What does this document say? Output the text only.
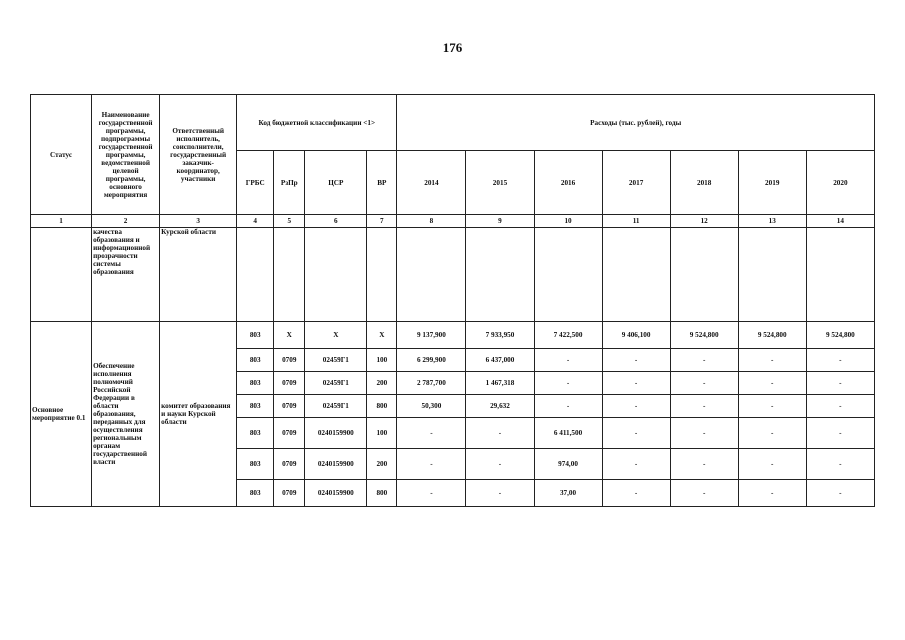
176
Статус	Наименование государственной программы, подпрограммы государственной программы, ведомственной целевой программы, основного мероприятия	Ответственный исполнитель, соисполнители, государственный заказчик-координатор, участники	Код бюджетной классификации <1>				Расходы (тыс. рублей), годы						
			ГРБС	РзПр	ЦСР	ВР	2014	2015	2016	2017	2018	2019	2020
1	2	3	4	5	6	7	8	9	10	11	12	13	14
	качества образования и информационной прозрачности системы образования	Курской области											
Основное мероприятие 0.1	Обеспечение исполнения полномочий Российской Федерации в области образования, переданных для осуществления региональным органам государственной власти	комитет образования и науки Курской области	803	X	X	X	9 137,900	7 933,950	7 422,500	9 406,100	9 524,800	9 524,800	9 524,800
			803	0709	02459Г1	100	6 299,900	6 437,000	-	-	-	-	-
			803	0709	02459Г1	200	2 787,700	1 467,318	-	-	-	-	-
			803	0709	02459Г1	800	50,300	29,632	-	-	-	-	-
			803	0709	0240159900	100	-	-	6 411,500	-	-	-	-
			803	0709	0240159900	200	-	-	974,00	-	-	-	-
			803	0709	0240159900	800	-	-	37,00	-	-	-	-
